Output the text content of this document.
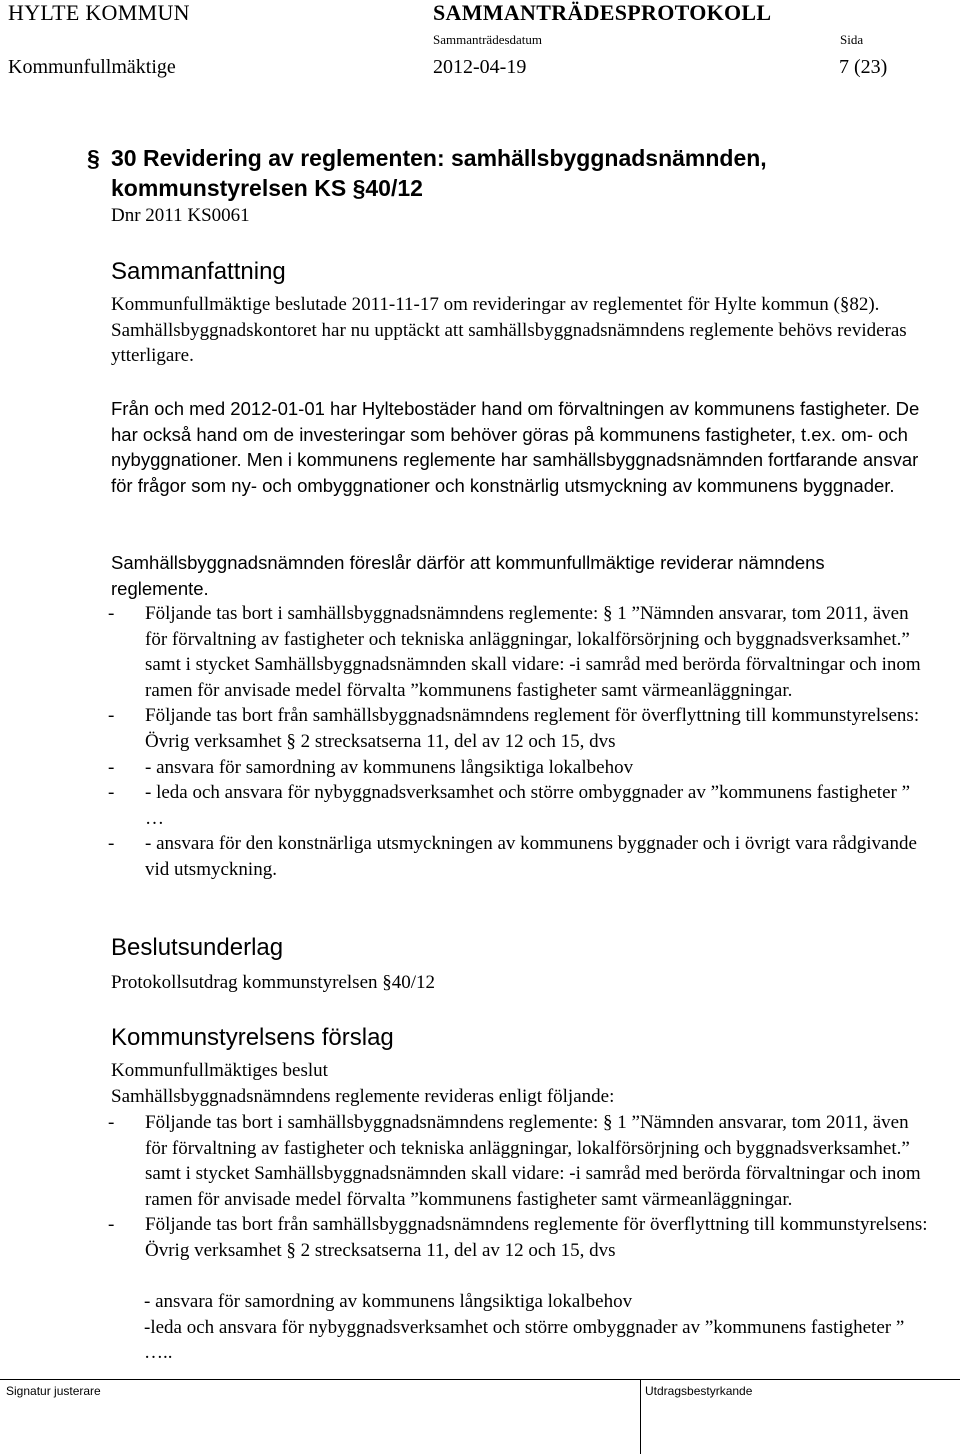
HYLTE KOMMUN	SAMMANTRÄDESPROTOKOLL
Sammanträdesdatum	Sida
Kommunfullmäktige	2012-04-19	7 (23)
§ 30 Revidering av reglementen: samhällsbyggnadsnämnden,
kommunstyrelsen KS §40/12
Dnr 2011 KS0061
Sammanfattning

Kommunfullmäktige beslutade 2011-11-17 om revideringar av reglementet för Hylte kommun (§82). Samhällsbyggnadskontoret har nu upptäckt att samhällsbyggnadsnämndens reglemente behövs revideras ytterligare.

Från och med 2012-01-01 har Hyltebostäder hand om förvaltningen av kommunens fastigheter. De har också hand om de investeringar som behöver göras på kommunens fastigheter, t.ex. om- och nybyggnationer. Men i kommunens reglemente har samhällsbyggnadsnämnden fortfarande ansvar för frågor som ny- och ombyggnationer och konstnärlig utsmyckning av kommunens byggnader.

Samhällsbyggnadsnämnden föreslår därför att kommunfullmäktige reviderar nämndens reglemente.

- Följande tas bort i samhällsbyggnadsnämndens reglemente: § 1 ”Nämnden ansvarar, tom 2011, även för förvaltning av fastigheter och tekniska anläggningar, lokalförsörjning och byggnadsverksamhet.” samt i stycket Samhällsbyggnadsnämnden skall vidare: -i samråd med berörda förvaltningar och inom ramen för anvisade medel förvalta ”kommunens fastigheter samt värmeanläggningar.
- Följande tas bort från samhällsbyggnadsnämndens reglement för överflyttning till kommunstyrelsens: Övrig verksamhet § 2 strecksatserna 11, del av 12 och 15, dvs
- - ansvara för samordning av kommunens långsiktiga lokalbehov
- - leda och ansvara för nybyggnadsverksamhet och större ombyggnader av ”kommunens fastigheter ” …
- - ansvara för den konstnärliga utsmyckningen av kommunens byggnader och i övrigt vara rådgivande vid utsmyckning.
Beslutsunderlag
Protokollsutdrag kommunstyrelsen §40/12
Kommunstyrelsens förslag
Kommunfullmäktiges beslut
Samhällsbyggnadsnämndens reglemente revideras enligt följande:
- Följande tas bort i samhällsbyggnadsnämndens reglemente: § 1 ”Nämnden ansvarar, tom 2011, även för förvaltning av fastigheter och tekniska anläggningar, lokalförsörjning och byggnadsverksamhet.” samt i stycket Samhällsbyggnadsnämnden skall vidare: -i samråd med berörda förvaltningar och inom ramen för anvisade medel förvalta ”kommunens fastigheter samt värmeanläggningar.
- Följande tas bort från samhällsbyggnadsnämndens reglemente för överflyttning till kommunstyrelsens: Övrig verksamhet § 2 strecksatserna 11, del av 12 och 15, dvs
- ansvara för samordning av kommunens långsiktiga lokalbehov
-leda och ansvara för nybyggnadsverksamhet och större ombyggnader av ”kommunens fastigheter ” …..
Signatur justerare	Utdragsbestyrkande
